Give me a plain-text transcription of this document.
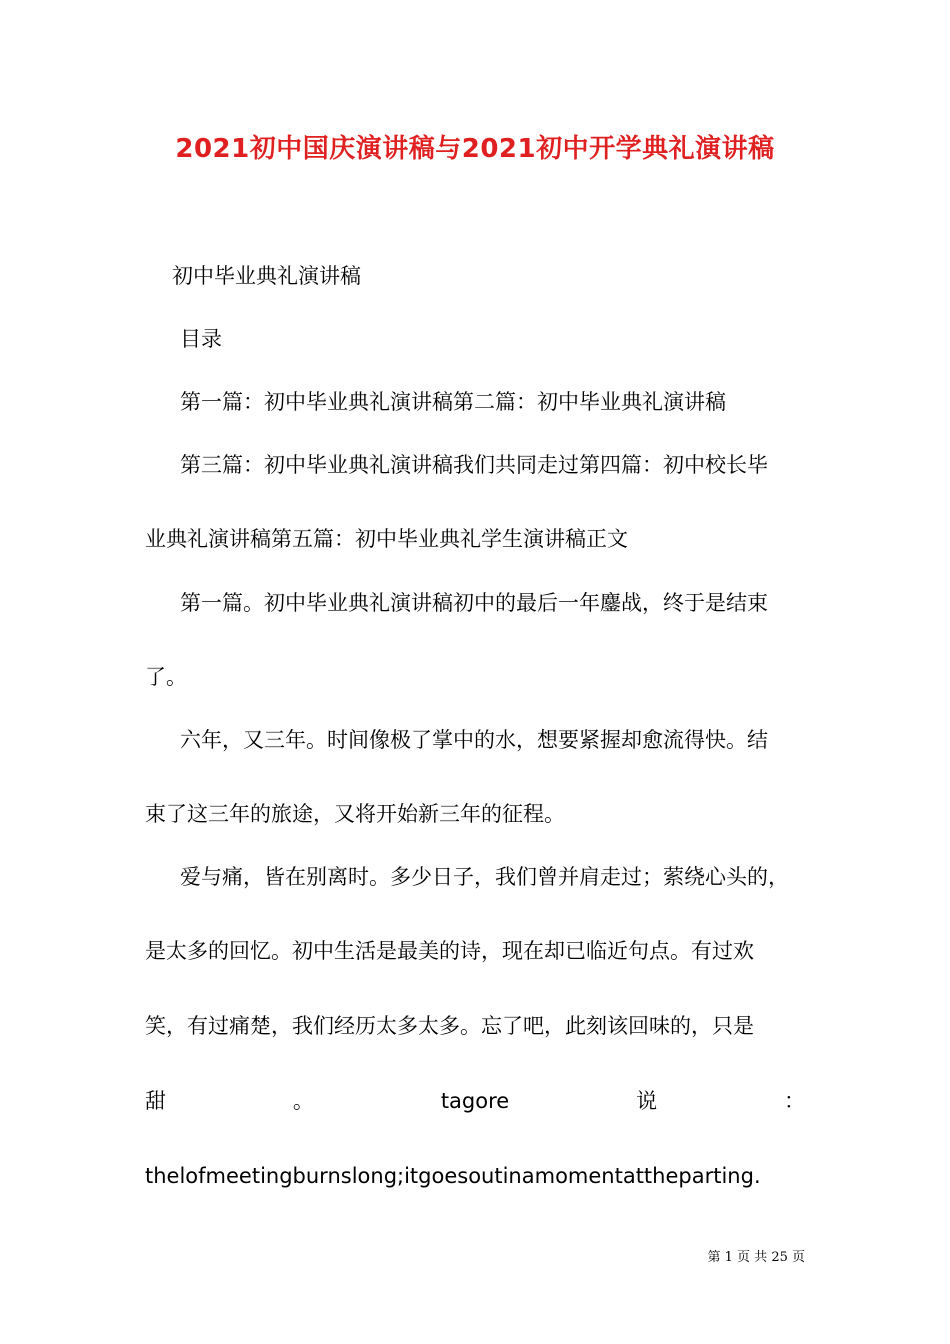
2021初中国庆演讲稿与2021初中开学典礼演讲稿

初中毕业典礼演讲稿

目录

第一篇：初中毕业典礼演讲稿第二篇：初中毕业典礼演讲稿

第三篇：初中毕业典礼演讲稿我们共同走过第四篇：初中校长毕

业典礼演讲稿第五篇：初中毕业典礼学生演讲稿正文

第一篇。初中毕业典礼演讲稿初中的最后一年鏖战，终于是结束

了。

六年，又三年。时间像极了掌中的水，想要紧握却愈流得快。结

束了这三年的旅途，又将开始新三年的征程。

爱与痛，皆在别离时。多少日子，我们曾并肩走过；萦绕心头的，

是太多的回忆。初中生活是最美的诗，现在却已临近句点。有过欢

笑，有过痛楚，我们经历太多太多。忘了吧，此刻该回味的，只是

甜	。	tagore	说	：

thelofmeetingburnslong;itgoesoutinamomentattheparting.

第 1 页 共 25 页
